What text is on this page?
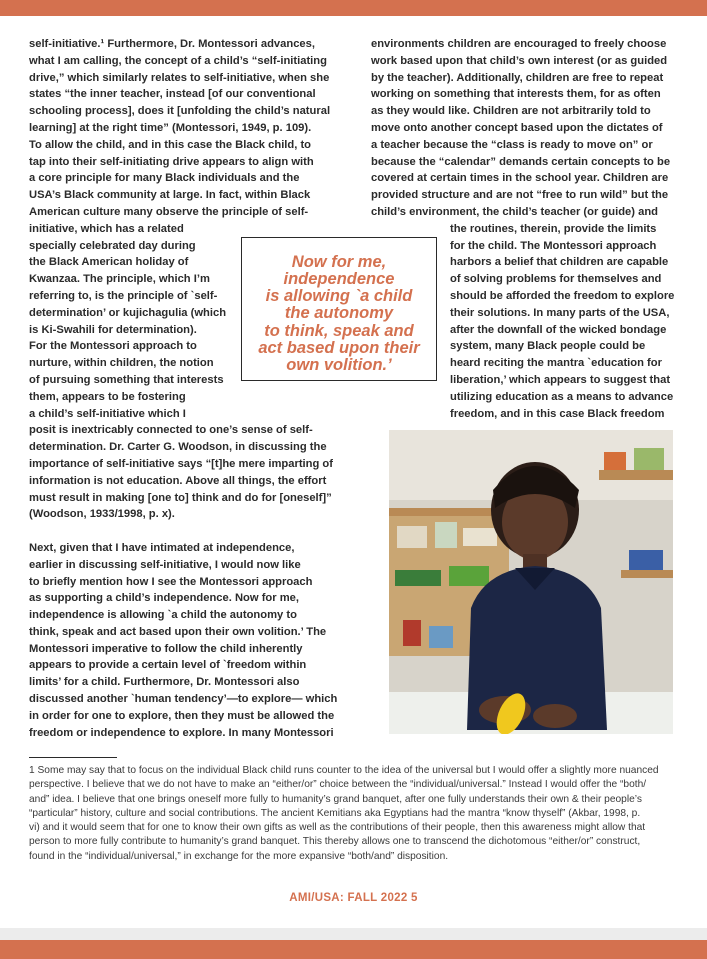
self-initiative.¹ Furthermore, Dr. Montessori advances,
what I am calling, the concept of a child’s “self-initiating
drive,” which similarly relates to self-initiative, when she
states “the inner teacher, instead [of our conventional
schooling process], does it [unfolding the child’s natural
learning] at the right time” (Montessori, 1949, p. 109).
To allow the child, and in this case the Black child, to
tap into their self-initiating drive appears to align with
a core principle for many Black individuals and the
USA’s Black community at large. In fact, within Black
American culture many observe the principle of self-
initiative, which has a related
specially celebrated day during
the Black American holiday of
Kwanzaa. The principle, which I’m
referring to, is the principle of `self-
determination’ or kujichagulia (which
is Ki-Swahili for determination).
For the Montessori approach to
nurture, within children, the notion
of pursuing something that interests
them, appears to be fostering
a child’s self-initiative which I
posit is inextricably connected to one’s sense of self-
determination. Dr. Carter G. Woodson, in discussing the
importance of self-initiative says “[t]he mere imparting of
information is not education. Above all things, the effort
must result in making [one to] think and do for [oneself]”
(Woodson, 1933/1998, p. x).
Next, given that I have intimated at independence,
earlier in discussing self-initiative, I would now like
to briefly mention how I see the Montessori approach
as supporting a child’s independence. Now for me,
independence is allowing `a child the autonomy to
think, speak and act based upon their own volition.’ The
Montessori imperative to follow the child inherently
appears to provide a certain level of `freedom within
limits’ for a child. Furthermore, Dr. Montessori also
discussed another `human tendency’—to explore— which
in order for one to explore, then they must be allowed the
freedom or independence to explore. In many Montessori
environments children are encouraged to freely choose
work based upon that child’s own interest (or as guided
by the teacher). Additionally, children are free to repeat
working on something that interests them, for as often
as they would like. Children are not arbitrarily told to
move onto another concept based upon the dictates of
a teacher because the “class is ready to move on” or
because the “calendar” demands certain concepts to be
covered at certain times in the school year. Children are
provided structure and are not “free to run wild” but the
child’s environment, the child’s teacher (or guide) and
the routines, therein, provide the limits
for the child. The Montessori approach
harbors a belief that children are capable
of solving problems for themselves and
should be afforded the freedom to explore
their solutions. In many parts of the USA,
after the downfall of the wicked bondage
system, many Black people could be
heard reciting the mantra `education for
liberation,’ which appears to suggest that
utilizing education as a means to advance
freedom, and in this case Black freedom
Now for me,
independence
is allowing `a child
the autonomy
to think, speak and
act based upon their
own volition.’
1 Some may say that to focus on the individual Black child runs counter to the idea of the universal but I would offer a slightly more nuanced
perspective. I believe that we do not have to make an “either/or” choice between the “individual/universal.” Instead I would offer the “both/
and” idea. I believe that one brings oneself more fully to humanity’s grand banquet, after one fully understands their own & their people’s
“particular” history, culture and social contributions. The ancient Kemitians aka Egyptians had the mantra “know thyself” (Akbar, 1998, p.
vi) and it would seem that for one to know their own gifts as well as the contributions of their people, then this awareness might allow that
person to more fully contribute to humanity’s grand banquet. This thereby allows one to transcend the dichotomous “either/or” construct,
found in the “individual/universal,” in exchange for the more expansive “both/and” disposition.
AMI/USA: FALL 2022 5
